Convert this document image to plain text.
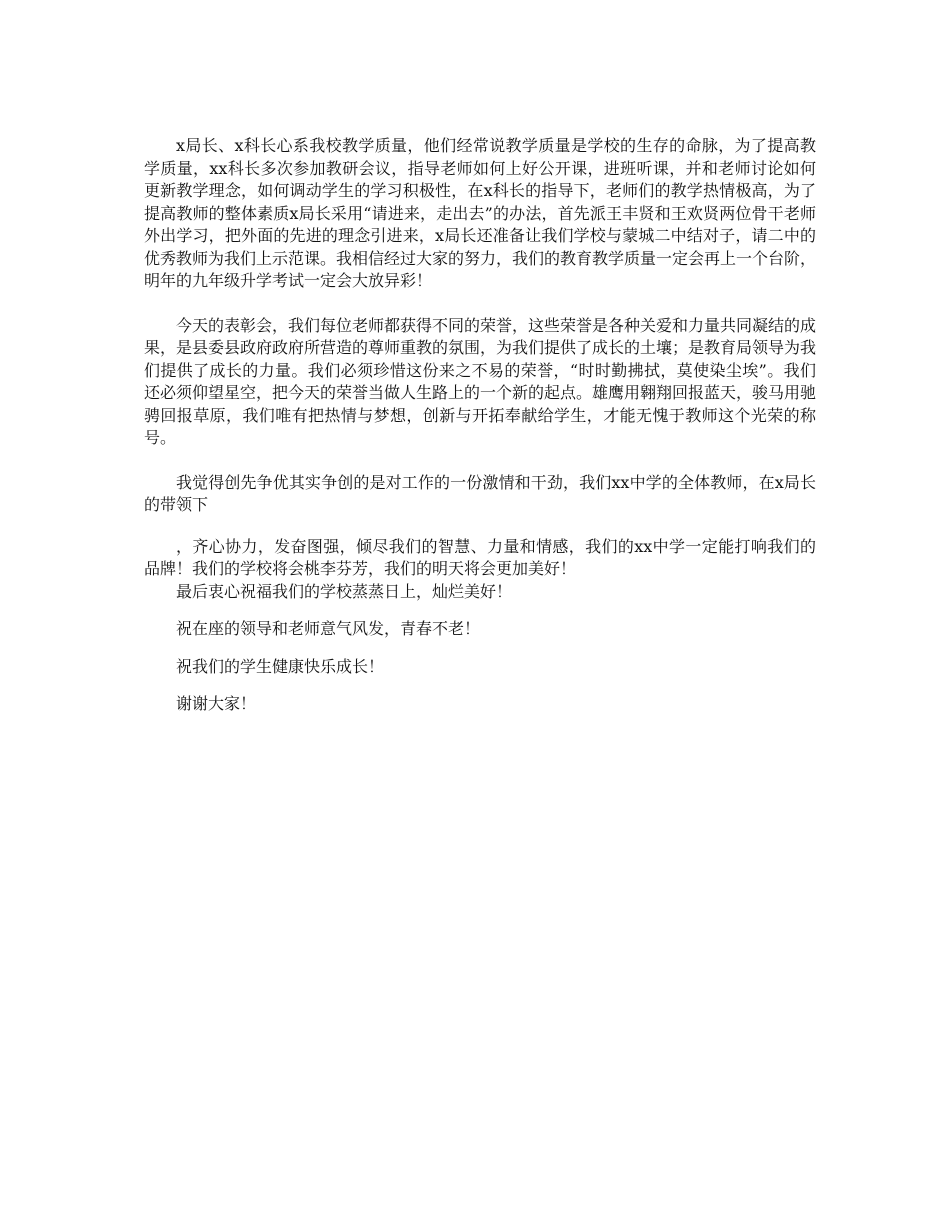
x局长、x科长心系我校教学质量，他们经常说教学质量是学校的生存的命脉，为了提高教学质量，xx科长多次参加教研会议，指导老师如何上好公开课，进班听课，并和老师讨论如何更新教学理念，如何调动学生的学习积极性，在x科长的指导下，老师们的教学热情极高，为了提高教师的整体素质x局长采用“请进来，走出去”的办法，首先派王丰贤和王欢贤两位骨干老师外出学习，把外面的先进的理念引进来，x局长还准备让我们学校与蒙城二中结对子，请二中的优秀教师为我们上示范课。我相信经过大家的努力，我们的教育教学质量一定会再上一个台阶，明年的九年级升学考试一定会大放异彩！

今天的表彰会，我们每位老师都获得不同的荣誉，这些荣誉是各种关爱和力量共同凝结的成果，是县委县政府政府所营造的尊师重教的氛围，为我们提供了成长的土壤；是教育局领导为我们提供了成长的力量。我们必须珍惜这份来之不易的荣誉，“时时勤拂拭，莫使染尘埃”。我们还必须仰望星空，把今天的荣誉当做人生路上的一个新的起点。雄鹰用翱翔回报蓝天，骏马用驰骋回报草原，我们唯有把热情与梦想，创新与开拓奉献给学生，才能无愧于教师这个光荣的称号。

我觉得创先争优其实争创的是对工作的一份激情和干劲，我们xx中学的全体教师，在x局长的带领下

，齐心协力，发奋图强，倾尽我们的智慧、力量和情感，我们的xx中学一定能打响我们的品牌！我们的学校将会桃李芬芳，我们的明天将会更加美好！

最后衷心祝福我们的学校蒸蒸日上，灿烂美好！

祝在座的领导和老师意气风发，青春不老！

祝我们的学生健康快乐成长！

谢谢大家！
